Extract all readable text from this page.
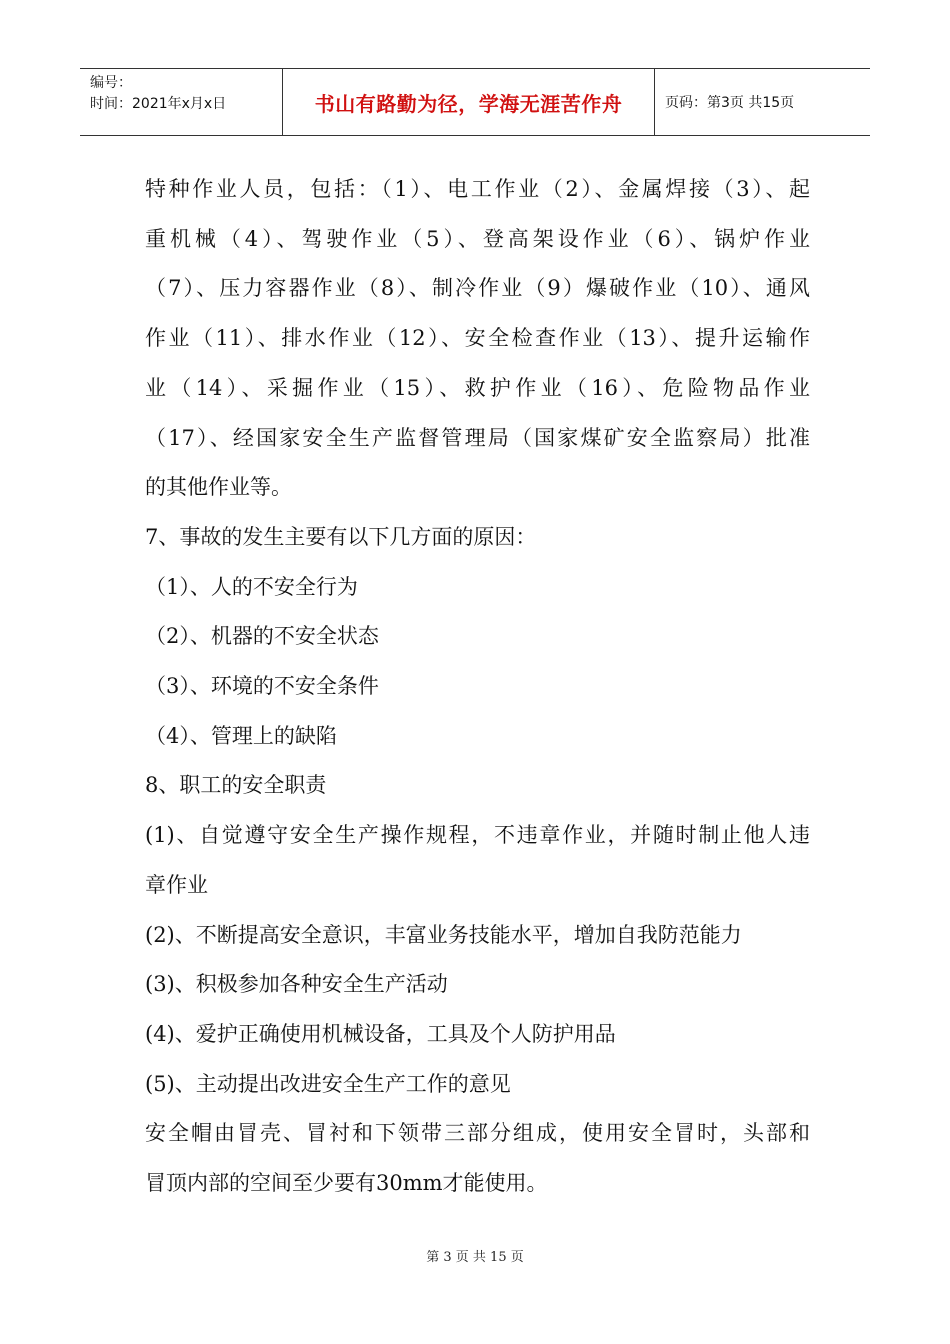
编号：
时间：2021年x月x日	书山有路勤为径，学海无涯苦作舟	页码：第3页 共15页

特种作业人员，包括：（1）、电工作业（2）、金属焊接（3）、起

重机械（4）、驾驶作业（5）、登高架设作业（6）、锅炉作业

（7）、压力容器作业（8）、制冷作业（9）爆破作业（10）、通风

作业（11）、排水作业（12）、安全检查作业（13）、提升运输作

业（14）、采掘作业（15）、救护作业（16）、危险物品作业

（17）、经国家安全生产监督管理局（国家煤矿安全监察局）批准

的其他作业等。

7、事故的发生主要有以下几方面的原因：

（1）、人的不安全行为

（2）、机器的不安全状态

（3）、环境的不安全条件

（4）、管理上的缺陷

8、职工的安全职责

(1)、自觉遵守安全生产操作规程，不违章作业，并随时制止他人违

章作业

(2)、不断提高安全意识，丰富业务技能水平，增加自我防范能力

(3)、积极参加各种安全生产活动

(4)、爱护正确使用机械设备，工具及个人防护用品

(5)、主动提出改进安全生产工作的意见

安全帽由冒壳、冒衬和下领带三部分组成，使用安全冒时，头部和

冒顶内部的空间至少要有30mm才能使用。

第 3 页 共 15 页
